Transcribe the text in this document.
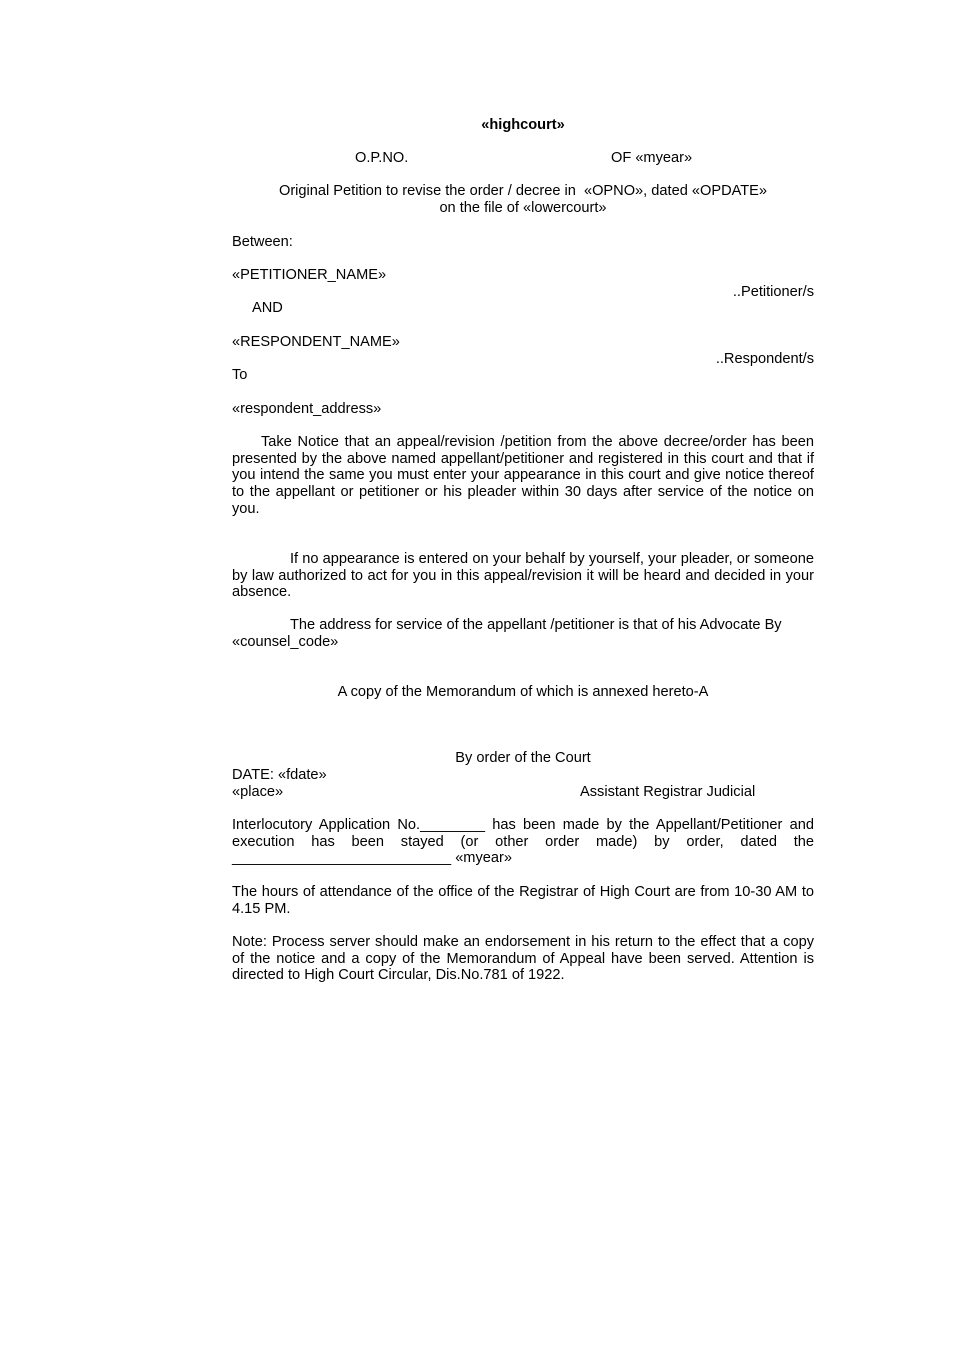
«highcourt»
O.P.NO.	OF «myear»
Original Petition to revise the order / decree in  «OPNO», dated «OPDATE»
on the file of «lowercourt»
Between:
«PETITIONER_NAME»
..Petitioner/s
AND
«RESPONDENT_NAME»
..Respondent/s
To
«respondent_address»
Take Notice that an appeal/revision /petition from the above decree/order has been presented by the above named appellant/petitioner and registered in this court and that if you intend the same you must enter your appearance in this court and give notice thereof to the appellant or petitioner or his pleader within 30 days after service of the notice on you.
If no appearance is entered on your behalf by yourself, your pleader, or someone by law authorized to act for you in this appeal/revision it will be heard and decided in your absence.
The address for service of the appellant /petitioner is that of his Advocate By
«counsel_code»
A copy of the Memorandum of which is annexed hereto-A
By order of the Court
DATE: «fdate»
«place»	Assistant Registrar Judicial
Interlocutory Application No.________ has been made by the Appellant/Petitioner and
execution has been stayed (or other order made) by order, dated the
___________________________ «myear»
The hours of attendance of the office of the Registrar of High Court are from 10-30 AM to 4.15 PM.
Note: Process server should make an endorsement in his return to the effect that a copy of the notice and a copy of the Memorandum of Appeal have been served. Attention is directed to High Court Circular, Dis.No.781 of 1922.
